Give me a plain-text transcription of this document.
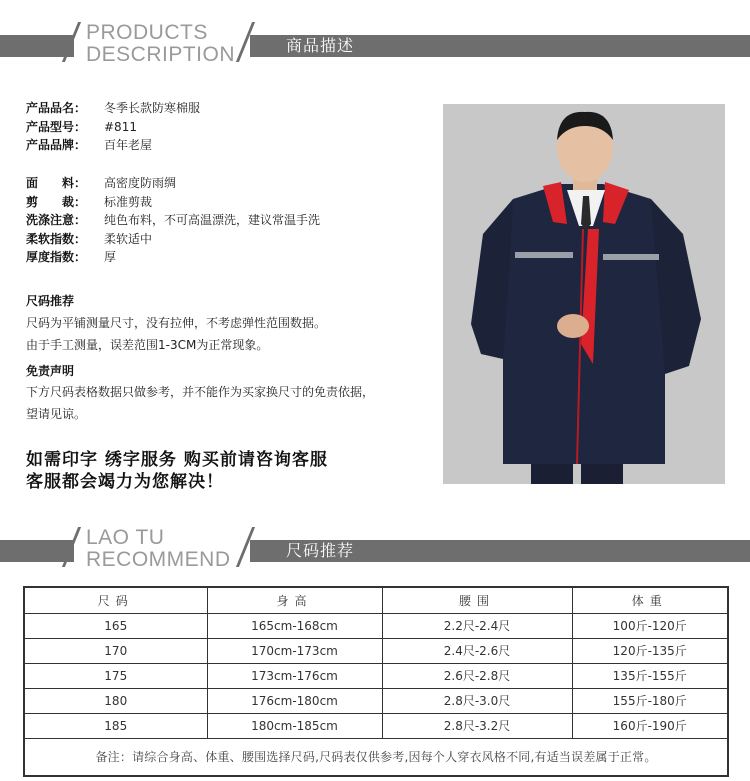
PRODUCTS
DESCRIPTION	商品描述
产品品名： 冬季长款防寒棉服
产品型号： #811
产品品牌： 百年老屋
面　　料： 高密度防雨绸
剪　　裁： 标准剪裁
洗涤注意： 纯色布料，不可高温漂洗，建议常温手洗
柔软指数： 柔软适中
厚度指数： 厚
尺码推荐
尺码为平铺测量尺寸，没有拉伸，不考虑弹性范围数据。
由于手工测量，误差范围1-3CM为正常现象。
免责声明
下方尺码表格数据只做参考，并不能作为买家换尺寸的免责依据，
望请见谅。
如需印字 绣字服务 购买前请咨询客服
客服都会竭力为您解决！
LAO TU
RECOMMEND	尺码推荐
尺码	身高	腰围	体重
165	165cm-168cm	2.2尺-2.4尺	100斤-120斤
170	170cm-173cm	2.4尺-2.6尺	120斤-135斤
175	173cm-176cm	2.6尺-2.8尺	135斤-155斤
180	176cm-180cm	2.8尺-3.0尺	155斤-180斤
185	180cm-185cm	2.8尺-3.2尺	160斤-190斤
备注：请综合身高、体重、腰围选择尺码,尺码表仅供参考,因每个人穿衣风格不同,有适当误差属于正常。			
